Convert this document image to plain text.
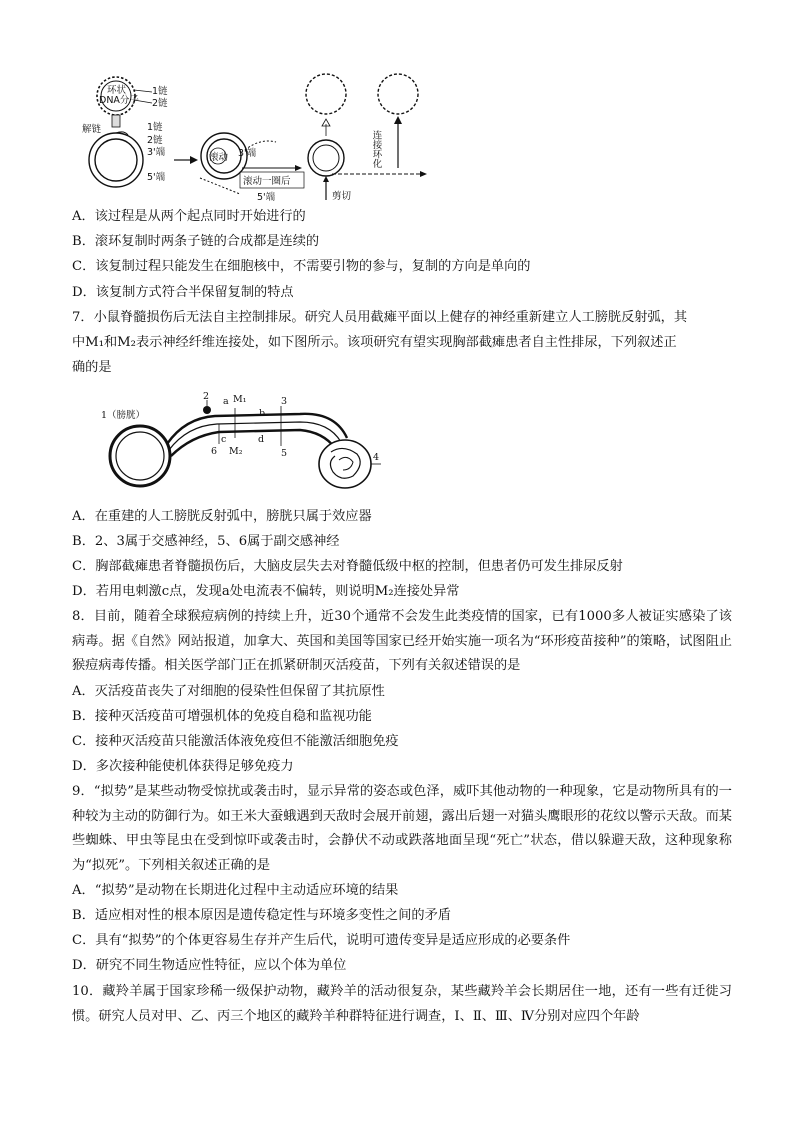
环状
DNA分子
1链
2链
解链	1链
2链
3'端
5'端
滚动 3'端
滚动一圈后
5'端	剪切
连接环化
A．该过程是从两个起点同时开始进行的
B．滚环复制时两条子链的合成都是连续的
C．该复制过程只能发生在细胞核中，不需要引物的参与，复制的方向是单向的
D．该复制方式符合半保留复制的特点
7．小鼠脊髓损伤后无法自主控制排尿。研究人员用截瘫平面以上健存的神经重新建立人工膀胱反射弧，其
中M₁和M₂表示神经纤维连接处，如下图所示。该项研究有望实现胸部截瘫患者自主性排尿，下列叙述正
确的是
1（膀胱）
2 a M₁
b
3
c	d
6 M₂	5	4
A．在重建的人工膀胱反射弧中，膀胱只属于效应器
B．2、3属于交感神经，5、6属于副交感神经
C．胸部截瘫患者脊髓损伤后，大脑皮层失去对脊髓低级中枢的控制，但患者仍可发生排尿反射
D．若用电刺激c点，发现a处电流表不偏转，则说明M₂连接处异常
8．目前，随着全球猴痘病例的持续上升，近30个通常不会发生此类疫情的国家，已有1000多人被证实感染了该病毒。据《自然》网站报道，加拿大、英国和美国等国家已经开始实施一项名为“环形疫苗接种”的策略，试图阻止猴痘病毒传播。相关医学部门正在抓紧研制灭活疫苗，下列有关叙述错误的是
A．灭活疫苗丧失了对细胞的侵染性但保留了其抗原性
B．接种灭活疫苗可增强机体的免疫自稳和监视功能
C．接种灭活疫苗只能激活体液免疫但不能激活细胞免疫
D．多次接种能使机体获得足够免疫力
9．“拟势”是某些动物受惊扰或袭击时，显示异常的姿态或色泽，威吓其他动物的一种现象，它是动物所具有的一种较为主动的防御行为。如王米大蚕蛾遇到天敌时会展开前翅，露出后翅一对猫头鹰眼形的花纹以警示天敌。而某些蜘蛛、甲虫等昆虫在受到惊吓或袭击时，会静伏不动或跌落地面呈现“死亡”状态，借以躲避天敌，这种现象称为“拟死”。下列相关叙述正确的是
A．“拟势”是动物在长期进化过程中主动适应环境的结果
B．适应相对性的根本原因是遗传稳定性与环境多变性之间的矛盾
C．具有“拟势”的个体更容易生存并产生后代，说明可遗传变异是适应形成的必要条件
D．研究不同生物适应性特征，应以个体为单位
10．藏羚羊属于国家珍稀一级保护动物，藏羚羊的活动很复杂，某些藏羚羊会长期居住一地，还有一些有迁徙习惯。研究人员对甲、乙、丙三个地区的藏羚羊种群特征进行调查，Ⅰ、Ⅱ、Ⅲ、Ⅳ分别对应四个年龄
